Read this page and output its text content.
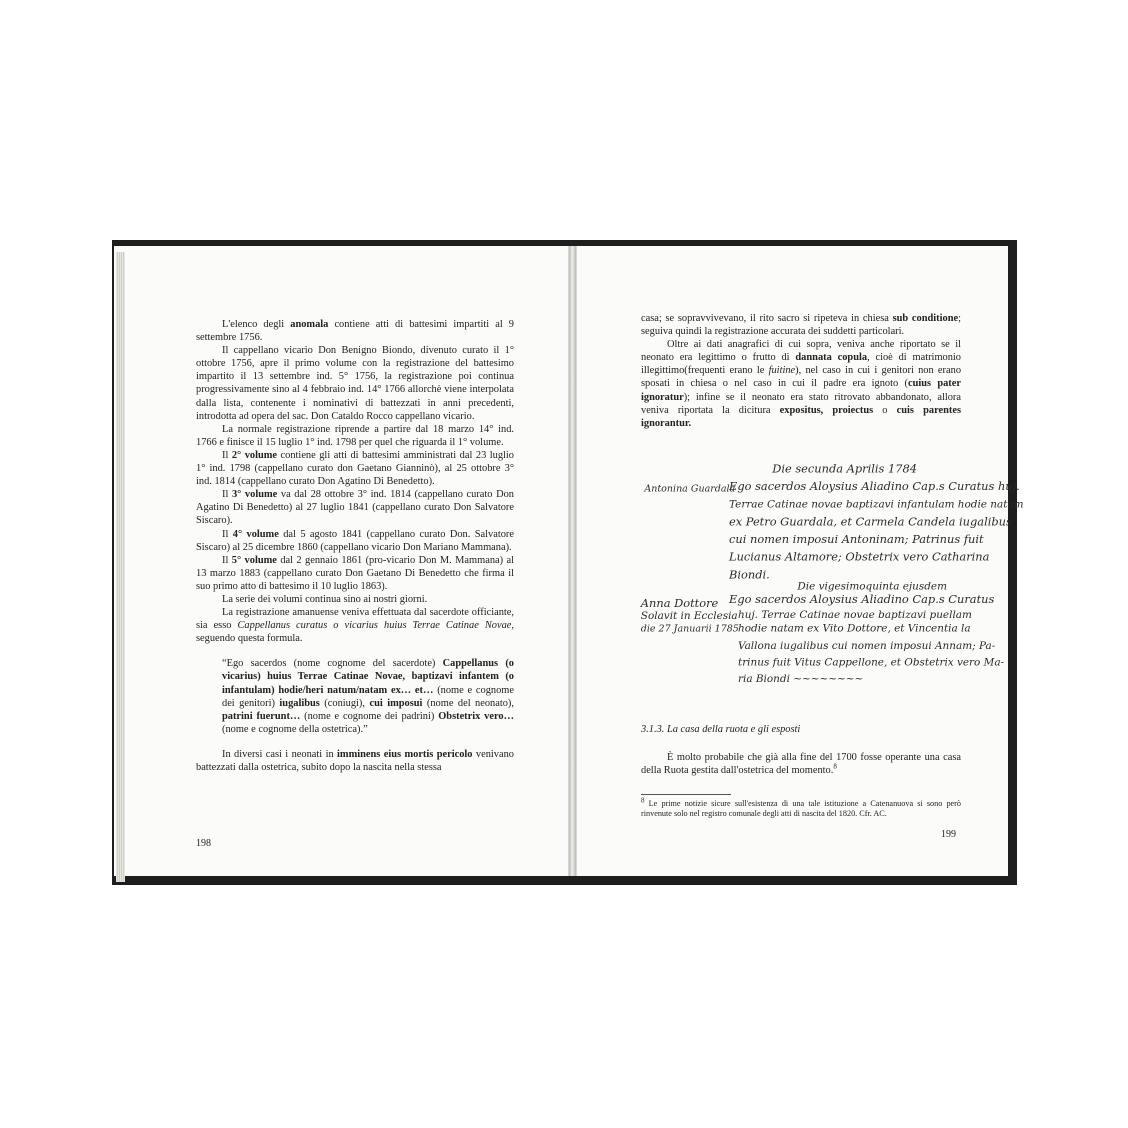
L'elenco degli anomala contiene atti di battesimi impartiti al 9 settembre 1756.

Il cappellano vicario Don Benigno Biondo, divenuto curato il 1° ottobre 1756, apre il primo volume con la registrazione del battesimo impartito il 13 settembre ind. 5° 1756, la registrazione poi continua progressivamente sino al 4 febbraio ind. 14° 1766 allorchè viene interpolata dalla lista, contenente i nominativi di battezzati in anni precedenti, introdotta ad opera del sac. Don Cataldo Rocco cappellano vicario.

La normale registrazione riprende a partire dal 18 marzo 14° ind. 1766 e finisce il 15 luglio 1° ind. 1798 per quel che riguarda il 1° volume.

Il 2° volume contiene gli atti di battesimi amministrati dal 23 luglio 1° ind. 1798 (cappellano curato don Gaetano Gianninò), al 25 ottobre 3° ind. 1814 (cappellano curato Don Agatino Di Benedetto).

Il 3° volume va dal 28 ottobre 3° ind. 1814 (cappellano curato Don Agatino Di Benedetto) al 27 luglio 1841 (cappellano curato Don Salvatore Siscaro).

Il 4° volume dal 5 agosto 1841 (cappellano curato Don. Salvatore Siscaro) al 25 dicembre 1860 (cappellano vicario Don Mariano Mammana).

Il 5° volume dal 2 gennaio 1861 (pro-vicario Don M. Mammana) al 13 marzo 1883 (cappellano curato Don Gaetano Di Benedetto che firma il suo primo atto di battesimo il 10 luglio 1863).

La serie dei volumi continua sino ai nostri giorni.

La registrazione amanuense veniva effettuata dal sacerdote officiante, sia esso Cappellanus curatus o vicarius huius Terrae Catinae Novae, seguendo questa formula.

“Ego sacerdos (nome cognome del sacerdote) Cappellanus (o vicarius) huius Terrae Catinae Novae, baptizavi infantem (o infantulam) hodie/heri natum/natam ex… et… (nome e cognome dei genitori) iugalibus (coniugi), cui imposui (nome del neonato), patrini fuerunt… (nome e cognome dei padrini) Obstetrix vero… (nome e cognome della ostetrica).”

In diversi casi i neonati in imminens eius mortis pericolo venivano battezzati dalla ostetrica, subito dopo la nascita nella stessa

198

casa; se sopravvivevano, il rito sacro si ripeteva in chiesa sub conditione; seguiva quindi la registrazione accurata dei suddetti particolari.

Oltre ai dati anagrafici di cui sopra, veniva anche riportato se il neonato era legittimo o frutto di dannata copula, cioè di matrimonio illegittimo(frequenti erano le fuitine), nel caso in cui i genitori non erano sposati in chiesa o nel caso in cui il padre era ignoto (cuius pater ignoratur); infine se il neonato era stato ritrovato abbandonato, allora veniva riportata la dicitura expositus, proiectus o cuis parentes ignorantur.

Die secunda Aprilis 1784
Antonina Guardala
Ego sacerdos Aloysius Aliadino Cap.s Curatus huj.
Terrae Catinae novae baptizavi infantulam hodie natam
ex Petro Guardala, et Carmela Candela iugalibus
cui nomen imposui Antoninam; Patrinus fuit
Lucianus Altamore; Obstetrix vero Catharina
Biondi.
Die vigesimoquinta ejusdem
Anna Dottore Ego sacerdos Aloysius Aliadino Cap.s Curatus
Solavit in Ecclesia huj. Terrae Catinae novae baptizavi puellam
die 27 Januarii 1785 hodie natam ex Vito Dottore, et Vincentia la
Vallona iugalibus cui nomen imposui Annam; Pa-
trinus fuit Vitus Cappellone, et Obstetrix vero Ma-
ria Biondi ~~~~~~~~
3.1.3. La casa della ruota e gli esposti
È molto probabile che già alla fine del 1700 fosse operante una casa della Ruota gestita dall'ostetrica del momento.$^8$
$^8$ Le prime notizie sicure sull'esistenza di una tale istituzione a Catenanuova si sono però rinvenute solo nel registro comunale degli atti di nascita del 1820. Cfr. AC.
199
